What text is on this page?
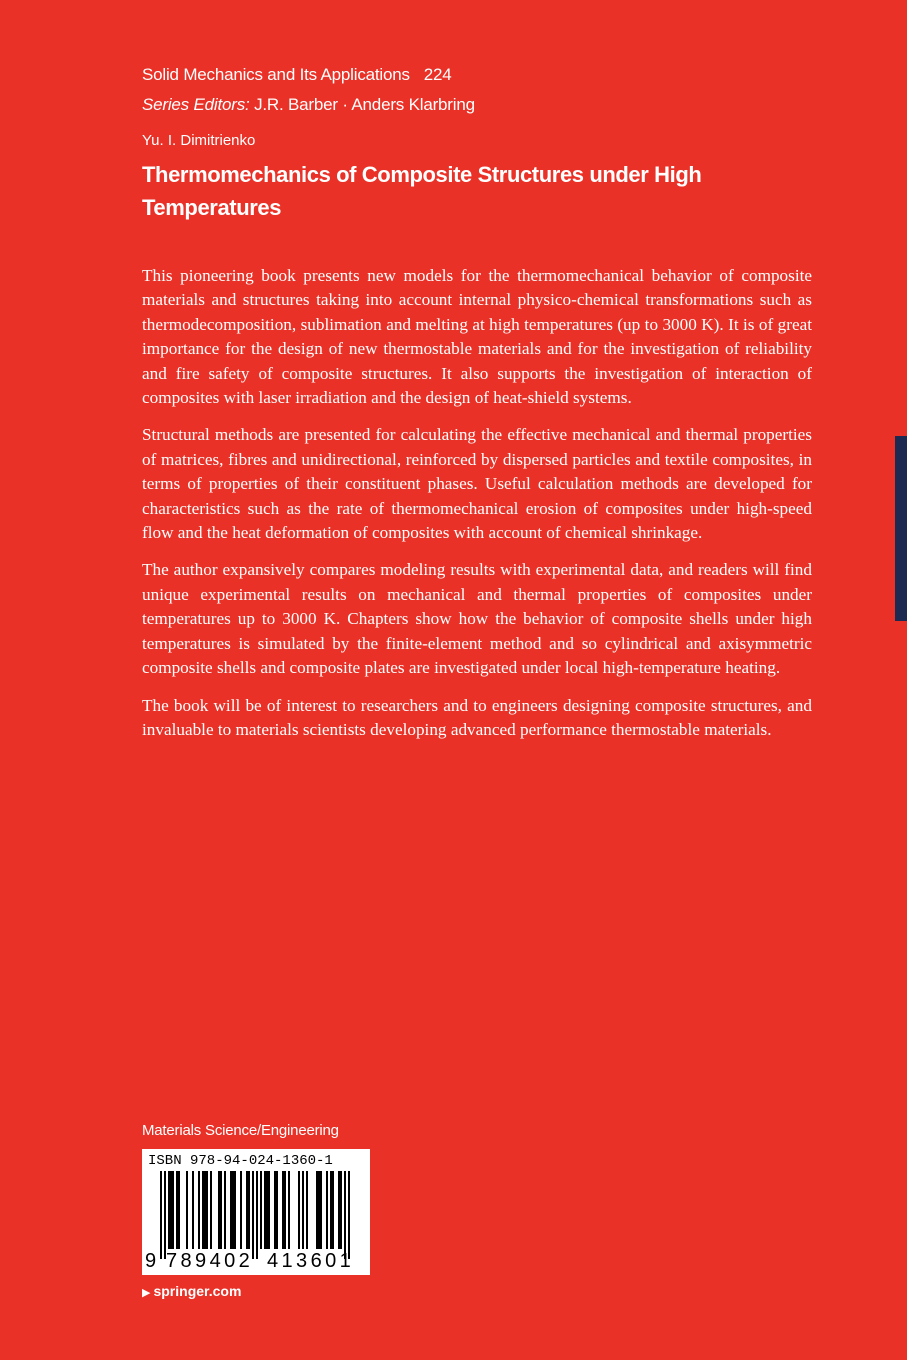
Solid Mechanics and Its Applications 224
Series Editors: J.R. Barber · Anders Klarbring
Yu. I. Dimitrienko
Thermomechanics of Composite Structures under High Temperatures

This pioneering book presents new models for the thermomechanical behavior of composite materials and structures taking into account internal physico-chemical transformations such as thermodecomposition, sublimation and melting at high temperatures (up to 3000 K). It is of great importance for the design of new thermostable materials and for the investigation of reliability and fire safety of composite structures. It also supports the investigation of interaction of composites with laser irradiation and the design of heat-shield systems.

Structural methods are presented for calculating the effective mechanical and thermal properties of matrices, fibres and unidirectional, reinforced by dispersed particles and textile composites, in terms of properties of their constituent phases. Useful calculation methods are developed for characteristics such as the rate of thermomechanical erosion of composites under high-speed flow and the heat deformation of composites with account of chemical shrinkage.

The author expansively compares modeling results with experimental data, and readers will find unique experimental results on mechanical and thermal properties of composites under temperatures up to 3000 K. Chapters show how the behavior of composite shells under high temperatures is simulated by the finite-element method and so cylindrical and axisymmetric composite shells and composite plates are investigated under local high-temperature heating.

The book will be of interest to researchers and to engineers designing composite structures, and invaluable to materials scientists developing advanced performance thermostable materials.

Materials Science/Engineering
ISBN 978-94-024-1360-1
9 789402 413601
▶ springer.com
